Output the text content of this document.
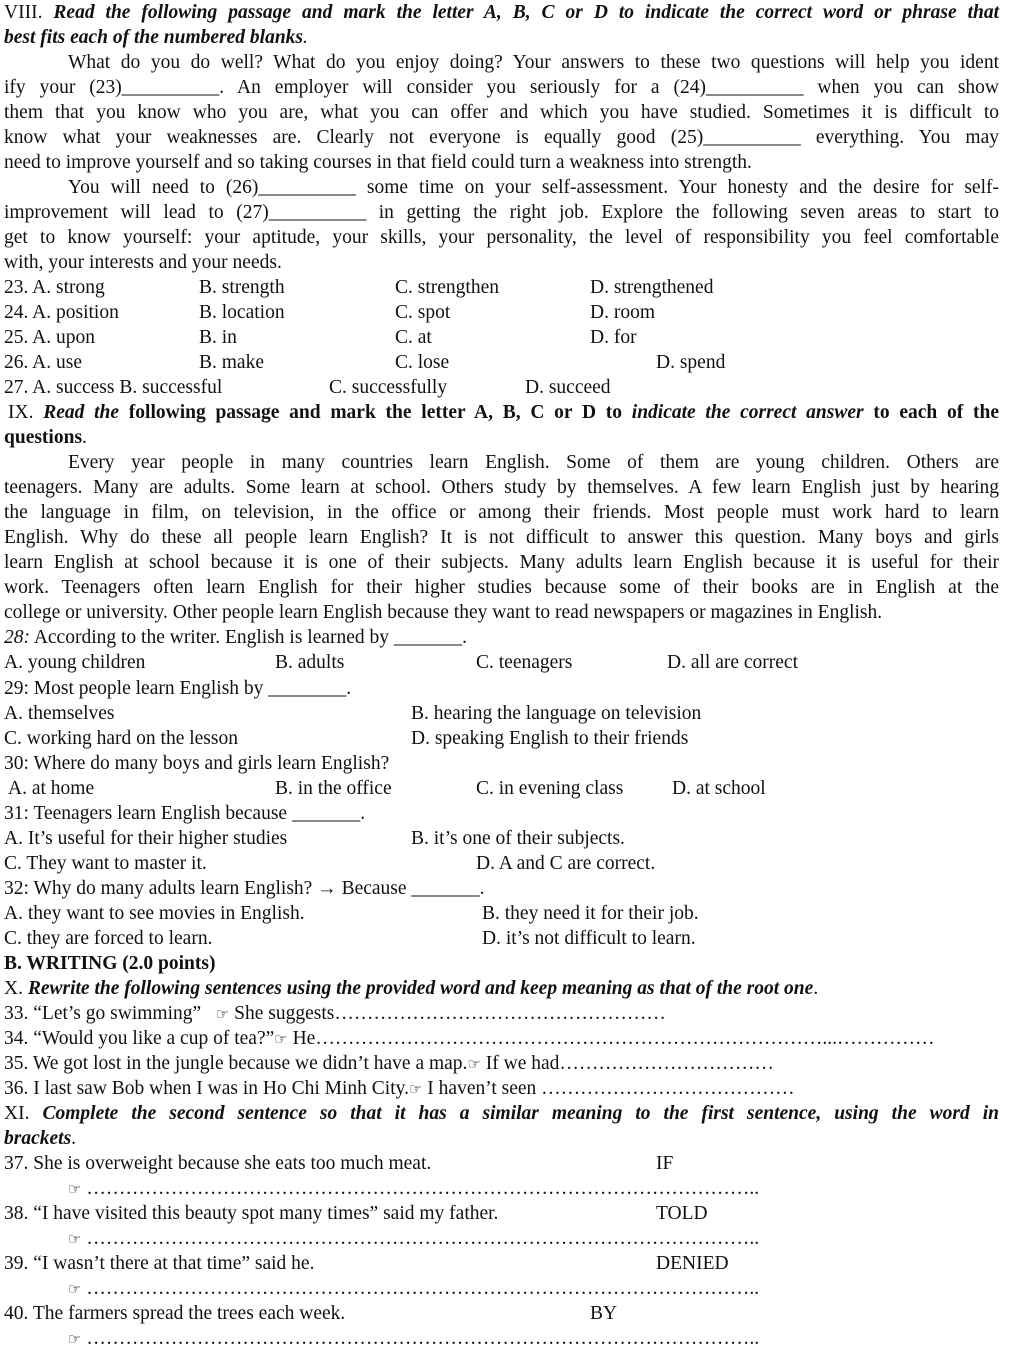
VIII. Read the following passage and mark the letter A, B, C or D to indicate the correct word or phrase that
best fits each of the numbered blanks.
What do you do well? What do you enjoy doing? Your answers to these two questions will help you ident
ify your (23)__________. An employer will consider you seriously for a (24)__________ when you can show
them that you know who you are, what you can offer and which you have studied. Sometimes it is difficult to
know what your weaknesses are. Clearly not everyone is equally good (25)__________ everything. You may
need to improve yourself and so taking courses in that field could turn a weakness into strength.
You will need to (26)__________ some time on your self-assessment. Your honesty and the desire for self-
improvement will lead to (27)__________ in getting the right job. Explore the following seven areas to start to
get to know yourself: your aptitude, your skills, your personality, the level of responsibility you feel comfortable
with, your interests and your needs.
23. A. strong	B. strength	C. strengthen	D. strengthened
24. A. position	B. location	C. spot	D. room
25. A. upon	B. in	C. at	D. for
26. A. use	B. make	C. lose	D. spend
27. A. success B. successful	C. successfully	D. succeed
IX. Read the following passage and mark the letter A, B, C or D to indicate the correct answer to each of the
questions.
Every year people in many countries learn English. Some of them are young children. Others are
teenagers. Many are adults. Some learn at school. Others study by themselves. A few learn English just by hearing
the language in film, on television, in the office or among their friends. Most people must work hard to learn
English. Why do these all people learn English? It is not difficult to answer this question. Many boys and girls
learn English at school because it is one of their subjects. Many adults learn English because it is useful for their
work. Teenagers often learn English for their higher studies because some of their books are in English at the
college or university. Other people learn English because they want to read newspapers or magazines in English.
28: According to the writer. English is learned by _______.
A. young children	B. adults	C. teenagers	D. all are correct
29: Most people learn English by ________.
A. themselves	B. hearing the language on television
C. working hard on the lesson	D. speaking English to their friends
30: Where do many boys and girls learn English?
A. at home	B. in the office	C. in evening class D. at school
31: Teenagers learn English because _______.
A. It’s useful for their higher studies	B. it’s one of their subjects.
C. They want to master it.	D. A and C are correct.
32: Why do many adults learn English? → Because _______.
A. they want to see movies in English.	B. they need it for their job.
C. they are forced to learn.	D. it’s not difficult to learn.
B. WRITING (2.0 points)
X. Rewrite the following sentences using the provided word and keep meaning as that of the root one.
33. “Let’s go swimming” ☞ She suggests……………………………………………
34. “Would you like a cup of tea?”☞ He……………………………………………………………………...……………
35. We got lost in the jungle because we didn’t have a map.☞ If we had……………………………
36. I last saw Bob when I was in Ho Chi Minh City.☞ I haven’t seen …………………………………
XI. Complete the second sentence so that it has a similar meaning to the first sentence, using the word in
brackets.
37. She is overweight because she eats too much meat.	IF
☞ …………………………………………………………………………………………..
38. “I have visited this beauty spot many times” said my father.	TOLD
☞ …………………………………………………………………………………………..
39. “I wasn’t there at that time” said he.	DENIED
☞ …………………………………………………………………………………………..
40. The farmers spread the trees each week.	BY
☞ …………………………………………………………………………………………..
